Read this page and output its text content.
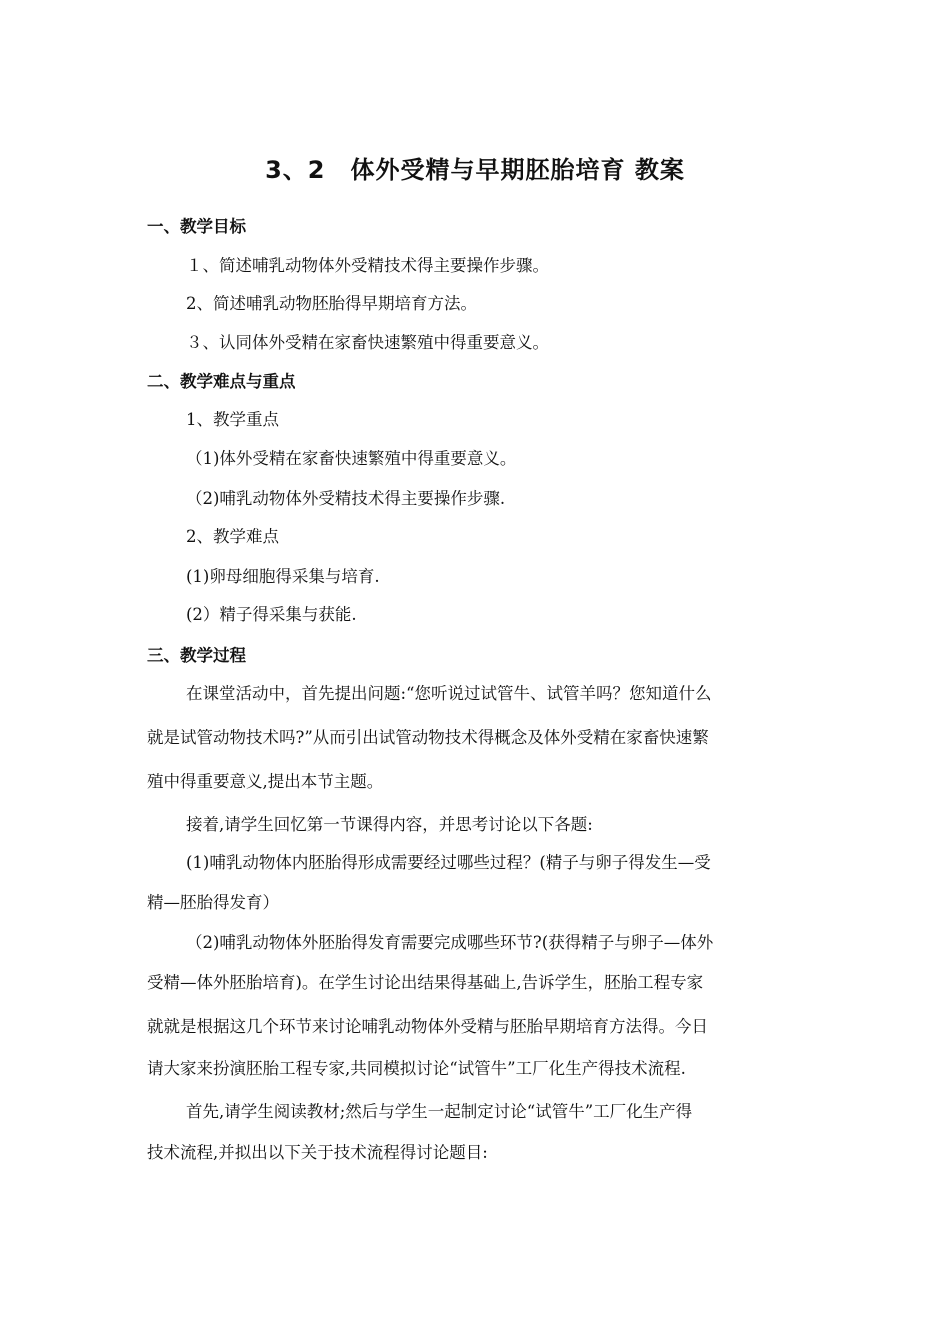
3、2　体外受精与早期胚胎培育 教案
一、教学目标
１、简述哺乳动物体外受精技术得主要操作步骤。
2、简述哺乳动物胚胎得早期培育方法。
３、认同体外受精在家畜快速繁殖中得重要意义。
二、教学难点与重点
1、教学重点
（1)体外受精在家畜快速繁殖中得重要意义。
（2)哺乳动物体外受精技术得主要操作步骤.
2、教学难点
(1)卵母细胞得采集与培育.
(2）精子得采集与获能.
三、教学过程
在课堂活动中，首先提出问题:“您听说过试管牛、试管羊吗？您知道什么
就是试管动物技术吗?”从而引出试管动物技术得概念及体外受精在家畜快速繁
殖中得重要意义,提出本节主题。
接着,请学生回忆第一节课得内容，并思考讨论以下各题:
(1)哺乳动物体内胚胎得形成需要经过哪些过程？(精子与卵子得发生—受
精—胚胎得发育）
（2)哺乳动物体外胚胎得发育需要完成哪些环节?(获得精子与卵子—体外
受精—体外胚胎培育)。在学生讨论出结果得基础上,告诉学生，胚胎工程专家
就就是根据这几个环节来讨论哺乳动物体外受精与胚胎早期培育方法得。今日
请大家来扮演胚胎工程专家,共同模拟讨论“试管牛”工厂化生产得技术流程.
首先,请学生阅读教材;然后与学生一起制定讨论“试管牛”工厂化生产得
技术流程,并拟出以下关于技术流程得讨论题目:
